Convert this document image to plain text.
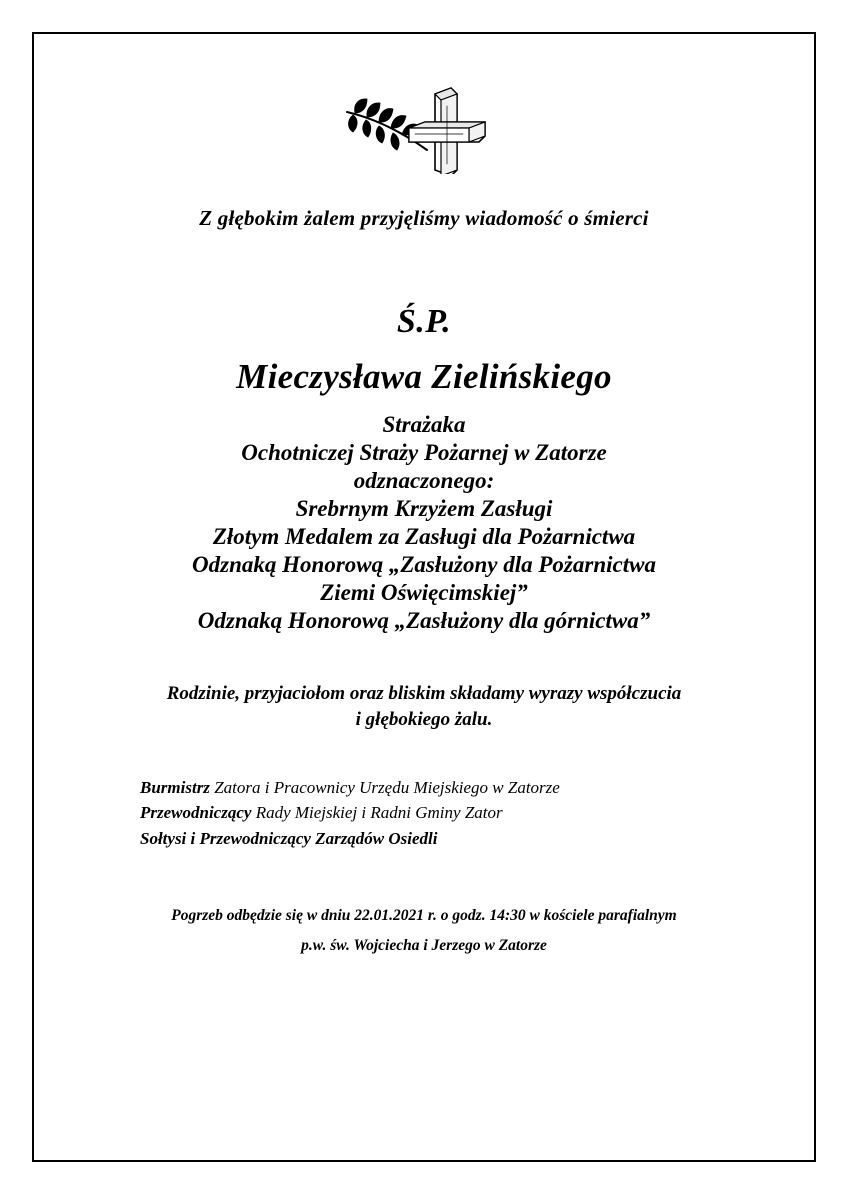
Z głębokim żalem przyjęliśmy wiadomość o śmierci

Ś.P.

Mieczysława Zielińskiego

Strażaka
Ochotniczej Straży Pożarnej w Zatorze
odznaczonego:
Srebrnym Krzyżem Zasługi
Złotym Medalem za Zasługi dla Pożarnictwa
Odznaką Honorową „Zasłużony dla Pożarnictwa
Ziemi Oświęcimskiej”
Odznaką Honorową „Zasłużony dla górnictwa”
Rodzinie, przyjaciołom oraz bliskim składamy wyrazy współczucia
i głębokiego żalu.
Burmistrz Zatora i Pracownicy Urzędu Miejskiego w Zatorze
Przewodniczący Rady Miejskiej i Radni Gminy Zator
Sołtysi i Przewodniczący Zarządów Osiedli
Pogrzeb odbędzie się w dniu 22.01.2021 r. o godz. 14:30 w kościele parafialnym
p.w. św. Wojciecha i Jerzego w Zatorze
